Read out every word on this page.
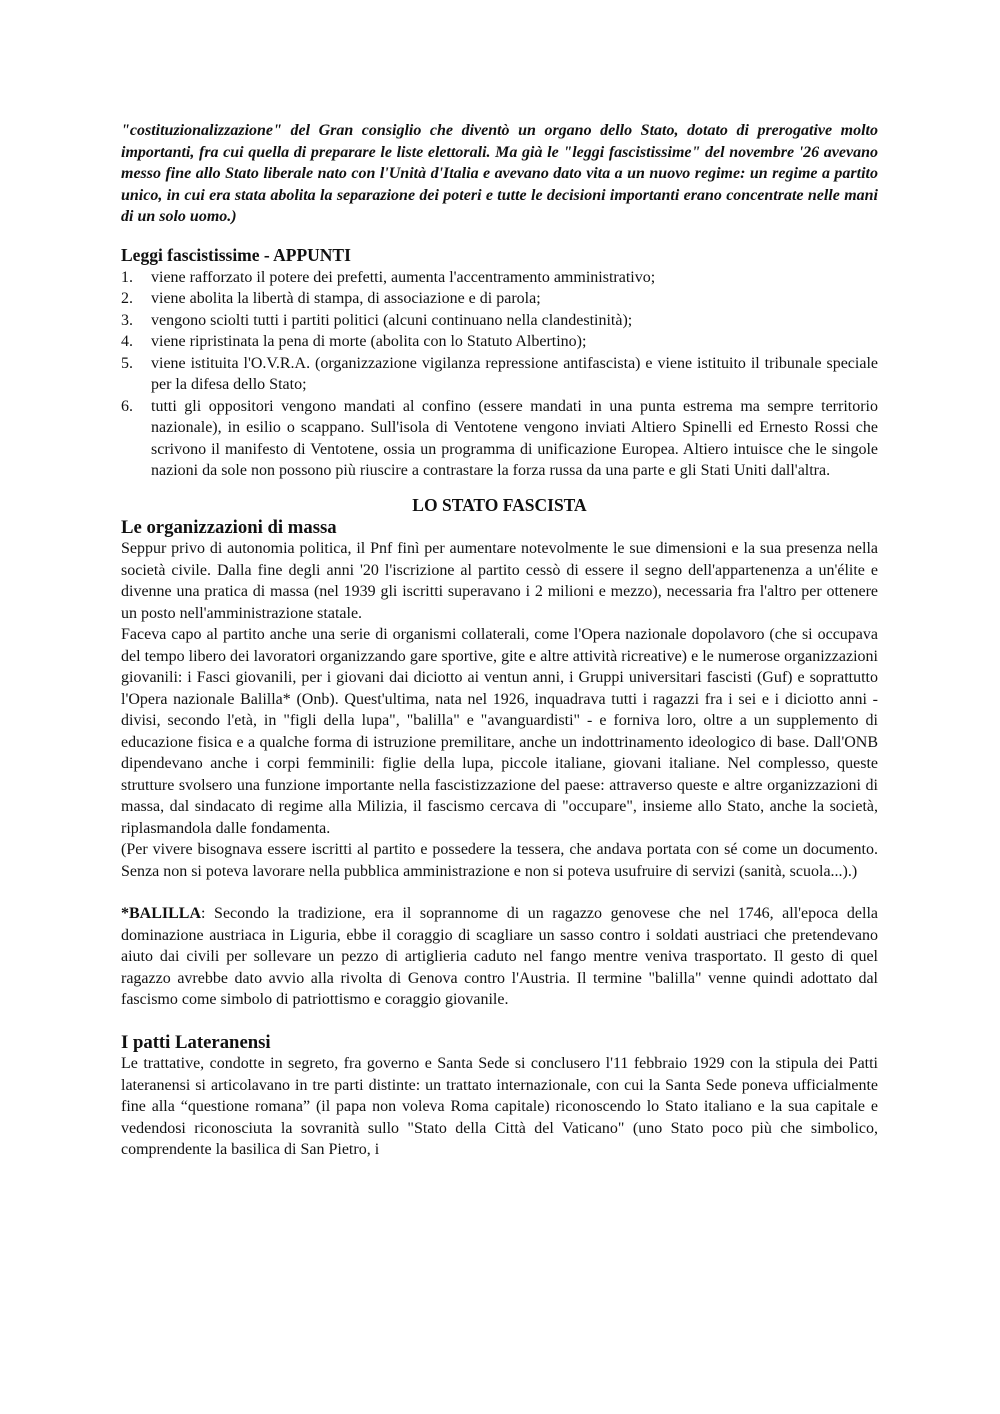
"costituzionalizzazione" del Gran consiglio che diventò un organo dello Stato, dotato di prerogative molto importanti, fra cui quella di preparare le liste elettorali. Ma già le "leggi fascistissime" del novembre '26 avevano messo fine allo Stato liberale nato con l'Unità d'Italia e avevano dato vita a un nuovo regime: un regime a partito unico, in cui era stata abolita la separazione dei poteri e tutte le decisioni importanti erano concentrate nelle mani di un solo uomo.)

Leggi fascistissime - APPUNTI
1.	viene rafforzato il potere dei prefetti, aumenta l'accentramento amministrativo;
2.	viene abolita la libertà di stampa, di associazione e di parola;
3.	vengono sciolti tutti i partiti politici (alcuni continuano nella clandestinità);
4.	viene ripristinata la pena di morte (abolita con lo Statuto Albertino);
5.	viene istituita l'O.V.R.A. (organizzazione vigilanza repressione antifascista) e viene istituito il tribunale speciale per la difesa dello Stato;
6.	tutti gli oppositori vengono mandati al confino (essere mandati in una punta estrema ma sempre territorio nazionale), in esilio o scappano. Sull'isola di Ventotene vengono inviati Altiero Spinelli ed Ernesto Rossi che scrivono il manifesto di Ventotene, ossia un programma di unificazione Europea. Altiero intuisce che le singole nazioni da sole non possono più riuscire a contrastare la forza russa da una parte e gli Stati Uniti dall'altra.
LO STATO FASCISTA
Le organizzazioni di massa

Seppur privo di autonomia politica, il Pnf finì per aumentare notevolmente le sue dimensioni e la sua presenza nella società civile. Dalla fine degli anni '20 l'iscrizione al partito cessò di essere il segno dell'appartenenza a un'élite e divenne una pratica di massa (nel 1939 gli iscritti superavano i 2 milioni e mezzo), necessaria fra l'altro per ottenere un posto nell'amministrazione statale.

Faceva capo al partito anche una serie di organismi collaterali, come l'Opera nazionale dopolavoro (che si occupava del tempo libero dei lavoratori organizzando gare sportive, gite e altre attività ricreative) e le numerose organizzazioni giovanili: i Fasci giovanili, per i giovani dai diciotto ai ventun anni, i Gruppi universitari fascisti (Guf) e soprattutto l'Opera nazionale Balilla* (Onb). Quest'ultima, nata nel 1926, inquadrava tutti i ragazzi fra i sei e i diciotto anni - divisi, secondo l'età, in "figli della lupa", "balilla" e "avanguardisti" - e forniva loro, oltre a un supplemento di educazione fisica e a qualche forma di istruzione premilitare, anche un indottrinamento ideologico di base. Dall'ONB dipendevano anche i corpi femminili: figlie della lupa, piccole italiane, giovani italiane. Nel complesso, queste strutture svolsero una funzione importante nella fascistizzazione del paese: attraverso queste e altre organizzazioni di massa, dal sindacato di regime alla Milizia, il fascismo cercava di "occupare", insieme allo Stato, anche la società, riplasmandola dalle fondamenta.

(Per vivere bisognava essere iscritti al partito e possedere la tessera, che andava portata con sé come un documento. Senza non si poteva lavorare nella pubblica amministrazione e non si poteva usufruire di servizi (sanità, scuola...).)

*BALILLA: Secondo la tradizione, era il soprannome di un ragazzo genovese che nel 1746, all'epoca della dominazione austriaca in Liguria, ebbe il coraggio di scagliare un sasso contro i soldati austriaci che pretendevano aiuto dai civili per sollevare un pezzo di artiglieria caduto nel fango mentre veniva trasportato. Il gesto di quel ragazzo avrebbe dato avvio alla rivolta di Genova contro l'Austria. Il termine "balilla" venne quindi adottato dal fascismo come simbolo di patriottismo e coraggio giovanile.

I patti Lateranensi

Le trattative, condotte in segreto, fra governo e Santa Sede si conclusero l'11 febbraio 1929 con la stipula dei Patti lateranensi si articolavano in tre parti distinte: un trattato internazionale, con cui la Santa Sede poneva ufficialmente fine alla “questione romana” (il papa non voleva Roma capitale) riconoscendo lo Stato italiano e la sua capitale e vedendosi riconosciuta la sovranità sullo "Stato della Città del Vaticano" (uno Stato poco più che simbolico, comprendente la basilica di San Pietro, i
